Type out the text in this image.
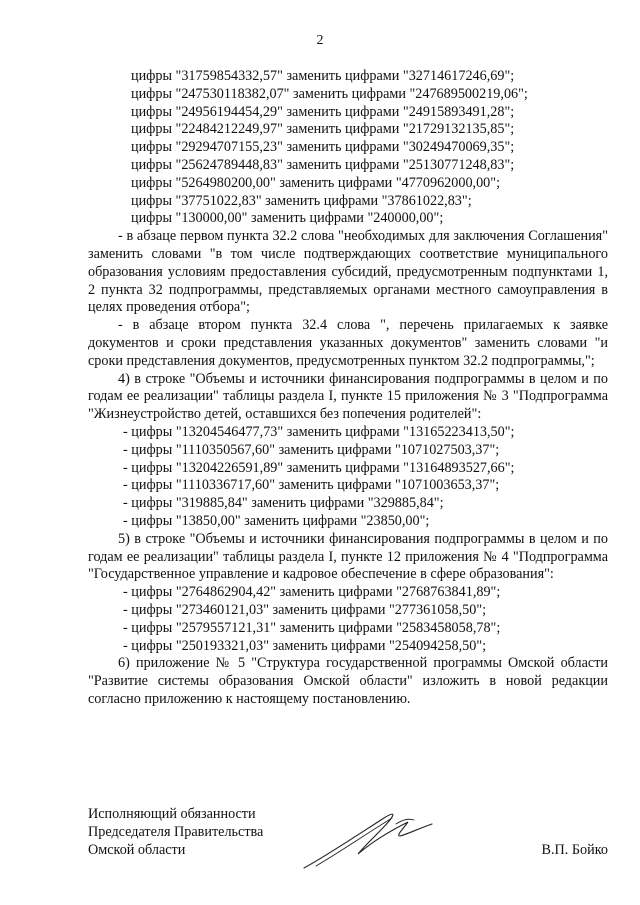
2
цифры "31759854332,57" заменить цифрами "32714617246,69";
цифры "247530118382,07" заменить цифрами "247689500219,06";
цифры "24956194454,29" заменить цифрами "24915893491,28";
цифры "22484212249,97" заменить цифрами "21729132135,85";
цифры "29294707155,23" заменить цифрами "30249470069,35";
цифры "25624789448,83" заменить цифрами "25130771248,83";
цифры "5264980200,00" заменить цифрами "4770962000,00";
цифры "37751022,83" заменить цифрами "37861022,83";
цифры "130000,00" заменить цифрами "240000,00";
- в абзаце первом пункта 32.2 слова "необходимых для заключения Соглашения" заменить словами "в том числе подтверждающих соответствие муниципального образования условиям предоставления субсидий, предусмотренным подпунктами 1, 2 пункта 32 подпрограммы, представляемых органами местного самоуправления в целях проведения отбора";
- в абзаце втором пункта 32.4 слова ", перечень прилагаемых к заявке документов и сроки представления указанных документов" заменить словами "и сроки представления документов, предусмотренных пунктом 32.2 подпрограммы,";
4) в строке "Объемы и источники финансирования подпрограммы в целом и по годам ее реализации" таблицы раздела I, пункте 15 приложения № 3 "Подпрограмма "Жизнеустройство детей, оставшихся без попечения родителей":
- цифры "13204546477,73" заменить цифрами "13165223413,50";
- цифры "1110350567,60" заменить цифрами "1071027503,37";
- цифры "13204226591,89" заменить цифрами "13164893527,66";
- цифры "1110336717,60" заменить цифрами "1071003653,37";
- цифры "319885,84" заменить цифрами "329885,84";
- цифры "13850,00" заменить цифрами "23850,00";
5) в строке "Объемы и источники финансирования подпрограммы в целом и по годам ее реализации" таблицы раздела I, пункте 12 приложения № 4 "Подпрограмма "Государственное управление и кадровое обеспечение в сфере образования":
- цифры "2764862904,42" заменить цифрами "2768763841,89";
- цифры "273460121,03" заменить цифрами "277361058,50";
- цифры "2579557121,31" заменить цифрами "2583458058,78";
- цифры "250193321,03" заменить цифрами "254094258,50";
6) приложение № 5 "Структура государственной программы Омской области "Развитие системы образования Омской области" изложить в новой редакции согласно приложению к настоящему постановлению.
Исполняющий обязанности
Председателя Правительства
Омской области	В.П. Бойко
